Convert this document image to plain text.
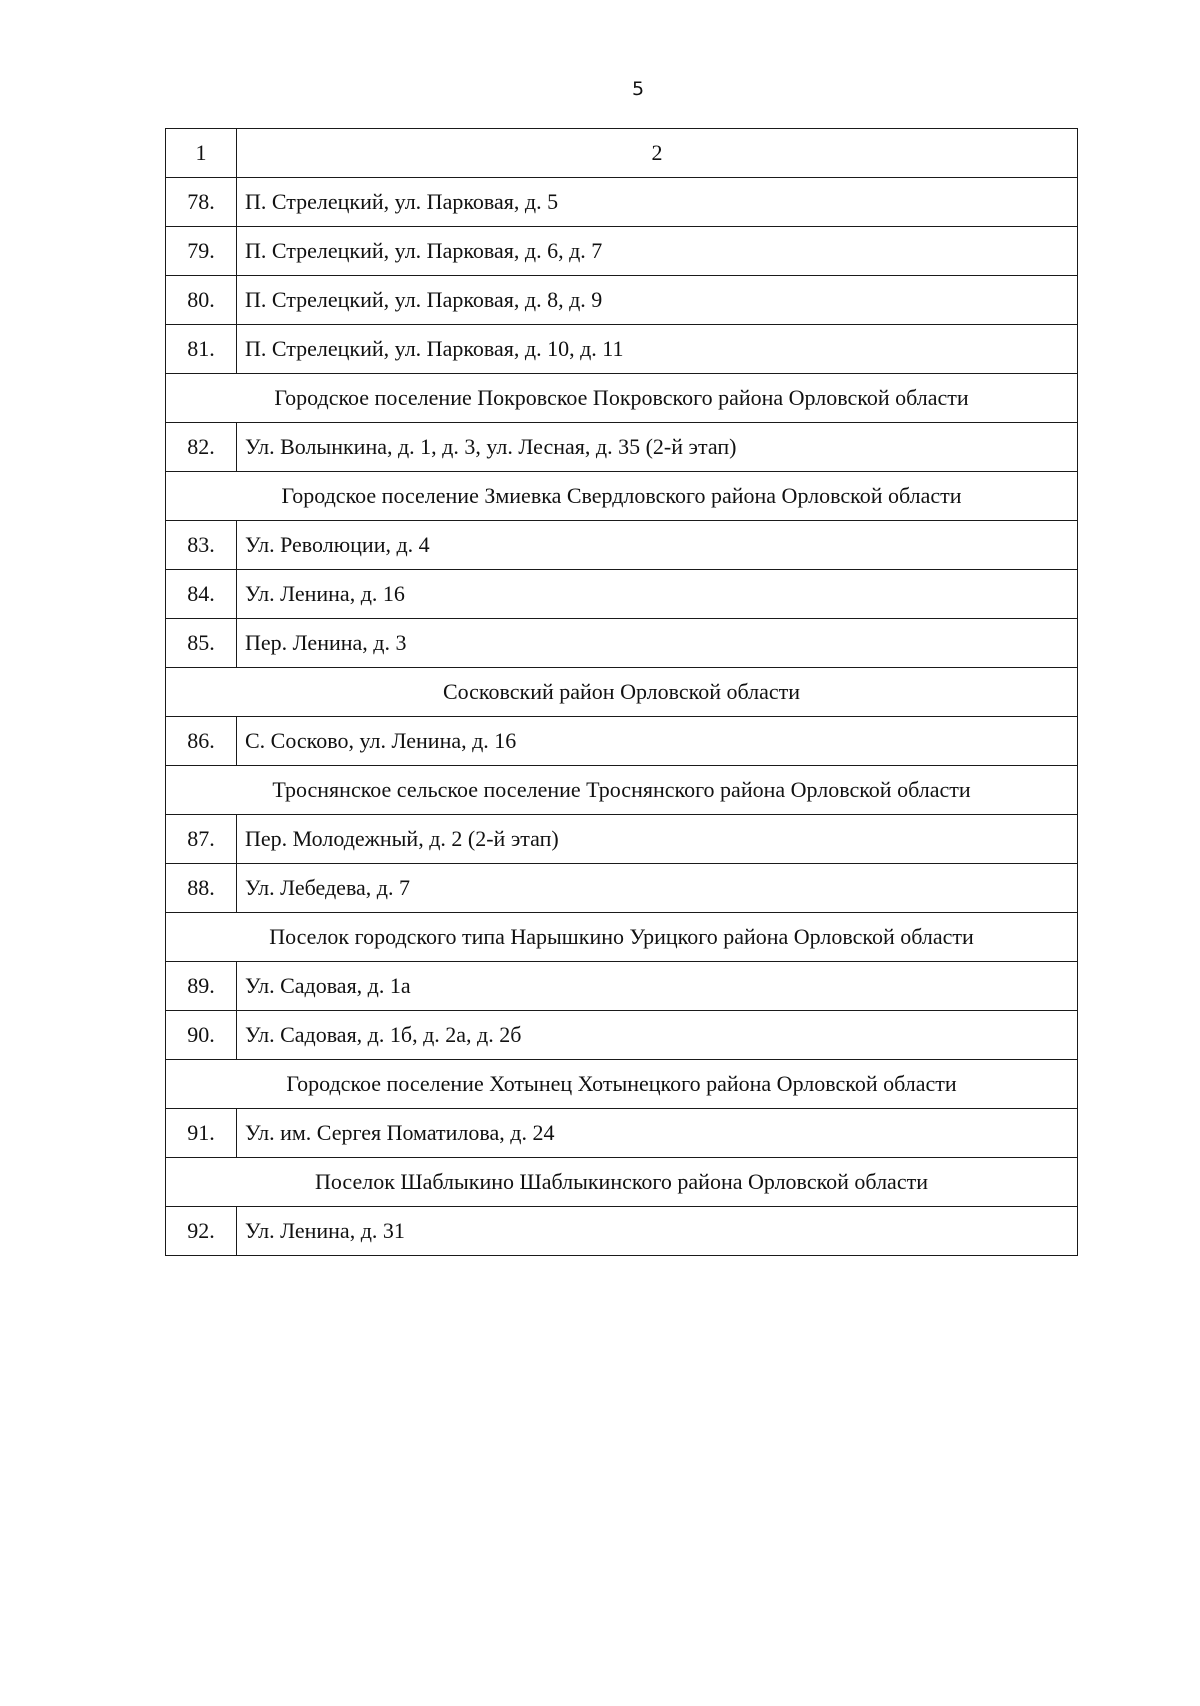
5
1	2
78.	П. Стрелецкий, ул. Парковая, д. 5
79.	П. Стрелецкий, ул. Парковая, д. 6, д. 7
80.	П. Стрелецкий, ул. Парковая, д. 8, д. 9
81.	П. Стрелецкий, ул. Парковая, д. 10, д. 11
Городское поселение Покровское Покровского района Орловской области	
82.	Ул. Волынкина, д. 1, д. 3, ул. Лесная, д. 35 (2-й этап)
Городское поселение Змиевка Свердловского района Орловской области	
83.	Ул. Революции, д. 4
84.	Ул. Ленина, д. 16
85.	Пер. Ленина, д. 3
Сосковский район Орловской области	
86.	С. Сосково, ул. Ленина, д. 16
Троснянское сельское поселение Троснянского района Орловской области	
87.	Пер. Молодежный, д. 2 (2-й этап)
88.	Ул. Лебедева, д. 7
Поселок городского типа Нарышкино Урицкого района Орловской области	
89.	Ул. Садовая, д. 1а
90.	Ул. Садовая, д. 1б, д. 2а, д. 2б
Городское поселение Хотынец Хотынецкого района Орловской области	
91.	Ул. им. Сергея Поматилова, д. 24
Поселок Шаблыкино Шаблыкинского района Орловской области	
92.	Ул. Ленина, д. 31
